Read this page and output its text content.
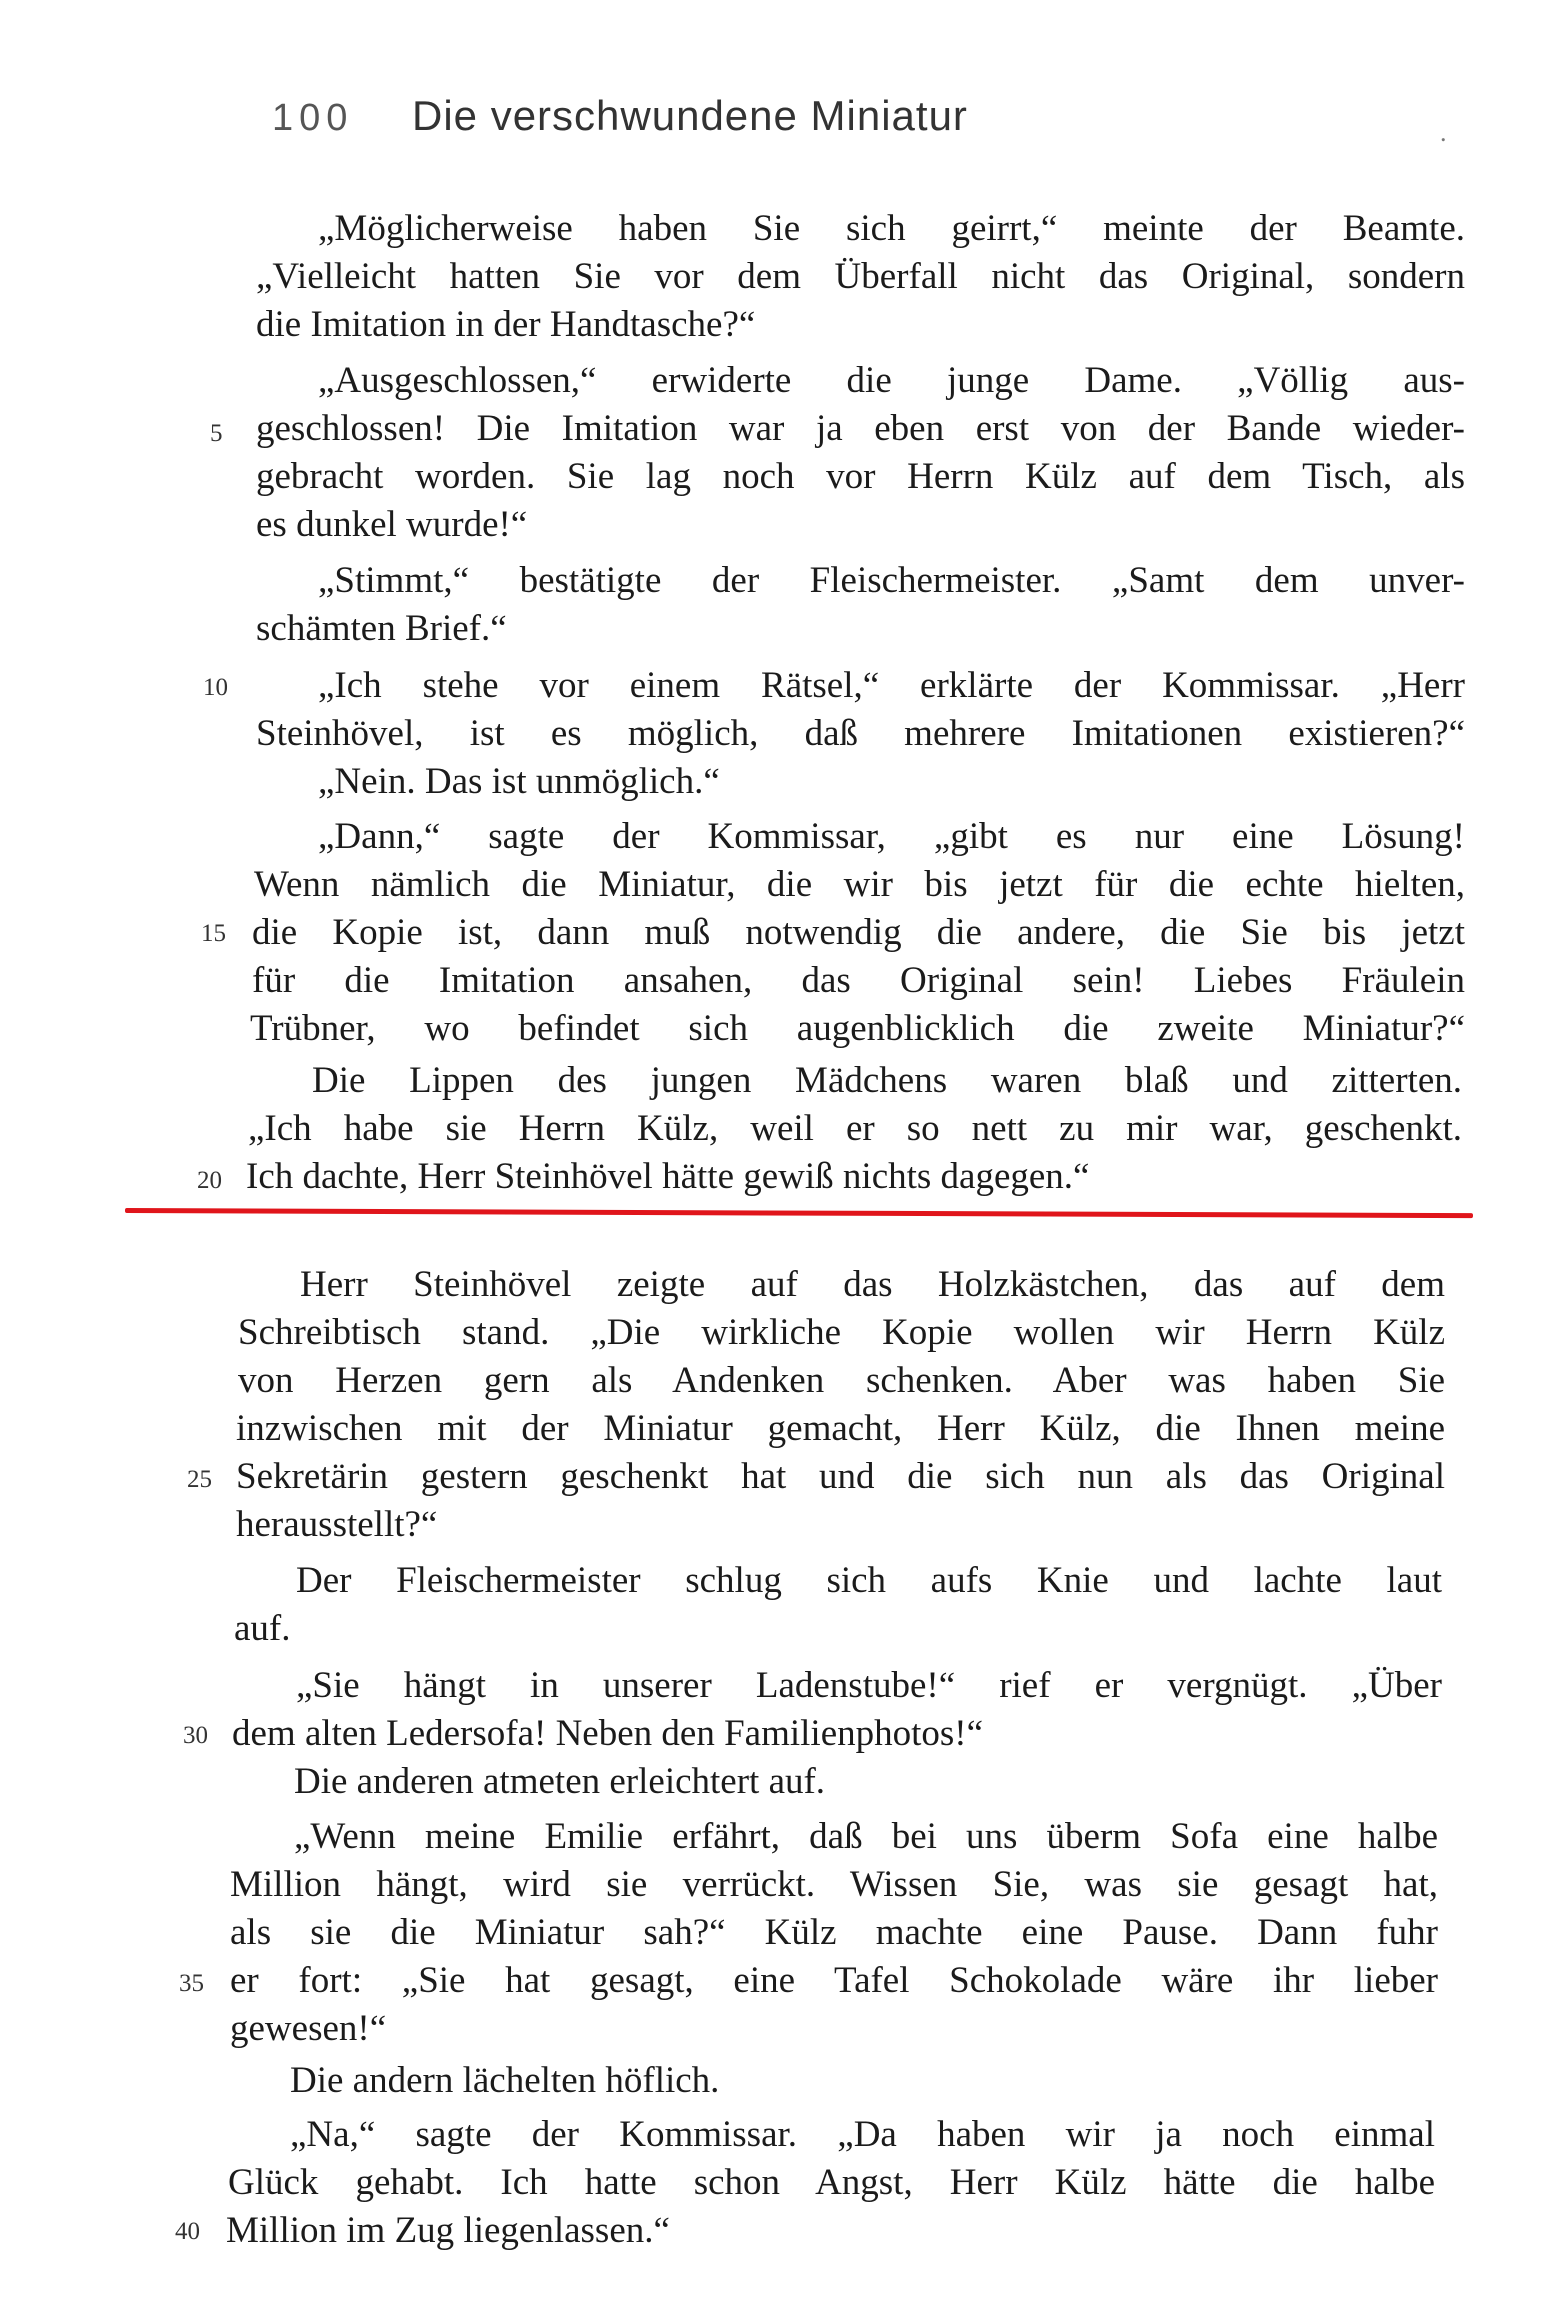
100	Die verschwundene Miniatur	.
„Möglicherweise haben Sie sich geirrt,“ meinte der Beamte.
„Vielleicht hatten Sie vor dem Überfall nicht das Original, sondern
die Imitation in der Handtasche?“
„Ausgeschlossen,“ erwiderte die junge Dame. „Völlig aus-
geschlossen! Die Imitation war ja eben erst von der Bande wieder-
gebracht worden. Sie lag noch vor Herrn Külz auf dem Tisch, als
es dunkel wurde!“
„Stimmt,“ bestätigte der Fleischermeister. „Samt dem unver-
schämten Brief.“
„Ich stehe vor einem Rätsel,“ erklärte der Kommissar. „Herr
Steinhövel, ist es möglich, daß mehrere Imitationen existieren?“
„Nein. Das ist unmöglich.“
„Dann,“ sagte der Kommissar, „gibt es nur eine Lösung!
Wenn nämlich die Miniatur, die wir bis jetzt für die echte hielten,
die Kopie ist, dann muß notwendig die andere, die Sie bis jetzt
für die Imitation ansahen, das Original sein! Liebes Fräulein
Trübner, wo befindet sich augenblicklich die zweite Miniatur?“
Die Lippen des jungen Mädchens waren blaß und zitterten.
„Ich habe sie Herrn Külz, weil er so nett zu mir war, geschenkt.
Ich dachte, Herr Steinhövel hätte gewiß nichts dagegen.“
Herr Steinhövel zeigte auf das Holzkästchen, das auf dem
Schreibtisch stand. „Die wirkliche Kopie wollen wir Herrn Külz
von Herzen gern als Andenken schenken. Aber was haben Sie
inzwischen mit der Miniatur gemacht, Herr Külz, die Ihnen meine
Sekretärin gestern geschenkt hat und die sich nun als das Original
herausstellt?“
Der Fleischermeister schlug sich aufs Knie und lachte laut
auf.
„Sie hängt in unserer Ladenstube!“ rief er vergnügt. „Über
dem alten Ledersofa! Neben den Familienphotos!“
Die anderen atmeten erleichtert auf.
„Wenn meine Emilie erfährt, daß bei uns überm Sofa eine halbe
Million hängt, wird sie verrückt. Wissen Sie, was sie gesagt hat,
als sie die Miniatur sah?“ Külz machte eine Pause. Dann fuhr
er fort: „Sie hat gesagt, eine Tafel Schokolade wäre ihr lieber
gewesen!“
Die andern lächelten höflich.
„Na,“ sagte der Kommissar. „Da haben wir ja noch einmal
Glück gehabt. Ich hatte schon Angst, Herr Külz hätte die halbe
Million im Zug liegenlassen.“
5
10
15
20
25
30
35
40
